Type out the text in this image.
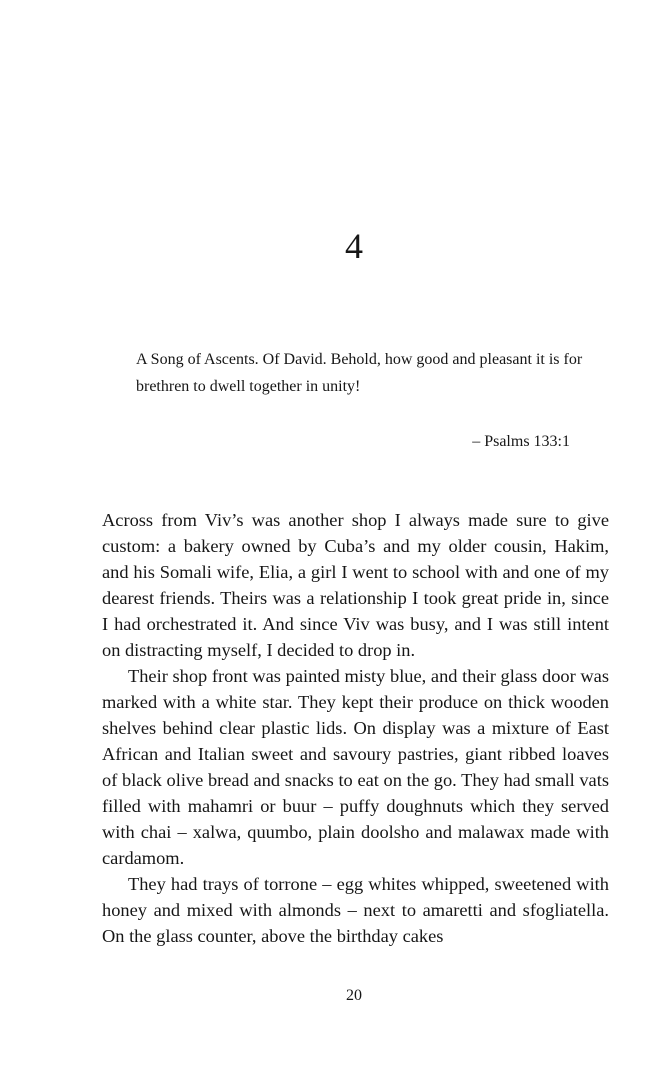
4

A Song of Ascents. Of David. Behold, how good and pleasant it is for brethren to dwell together in unity!

– Psalms 133:1

Across from Viv’s was another shop I always made sure to give custom: a bakery owned by Cuba’s and my older cousin, Hakim, and his Somali wife, Elia, a girl I went to school with and one of my dearest friends. Theirs was a relationship I took great pride in, since I had orchestrated it. And since Viv was busy, and I was still intent on distracting myself, I decided to drop in.

Their shop front was painted misty blue, and their glass door was marked with a white star. They kept their produce on thick wooden shelves behind clear plastic lids. On display was a mixture of East African and Italian sweet and savoury pastries, giant ribbed loaves of black olive bread and snacks to eat on the go. They had small vats filled with mahamri or buur – puffy doughnuts which they served with chai – xalwa, quumbo, plain doolsho and malawax made with cardamom.

They had trays of torrone – egg whites whipped, sweetened with honey and mixed with almonds – next to amaretti and sfogliatella. On the glass counter, above the birthday cakes

20
